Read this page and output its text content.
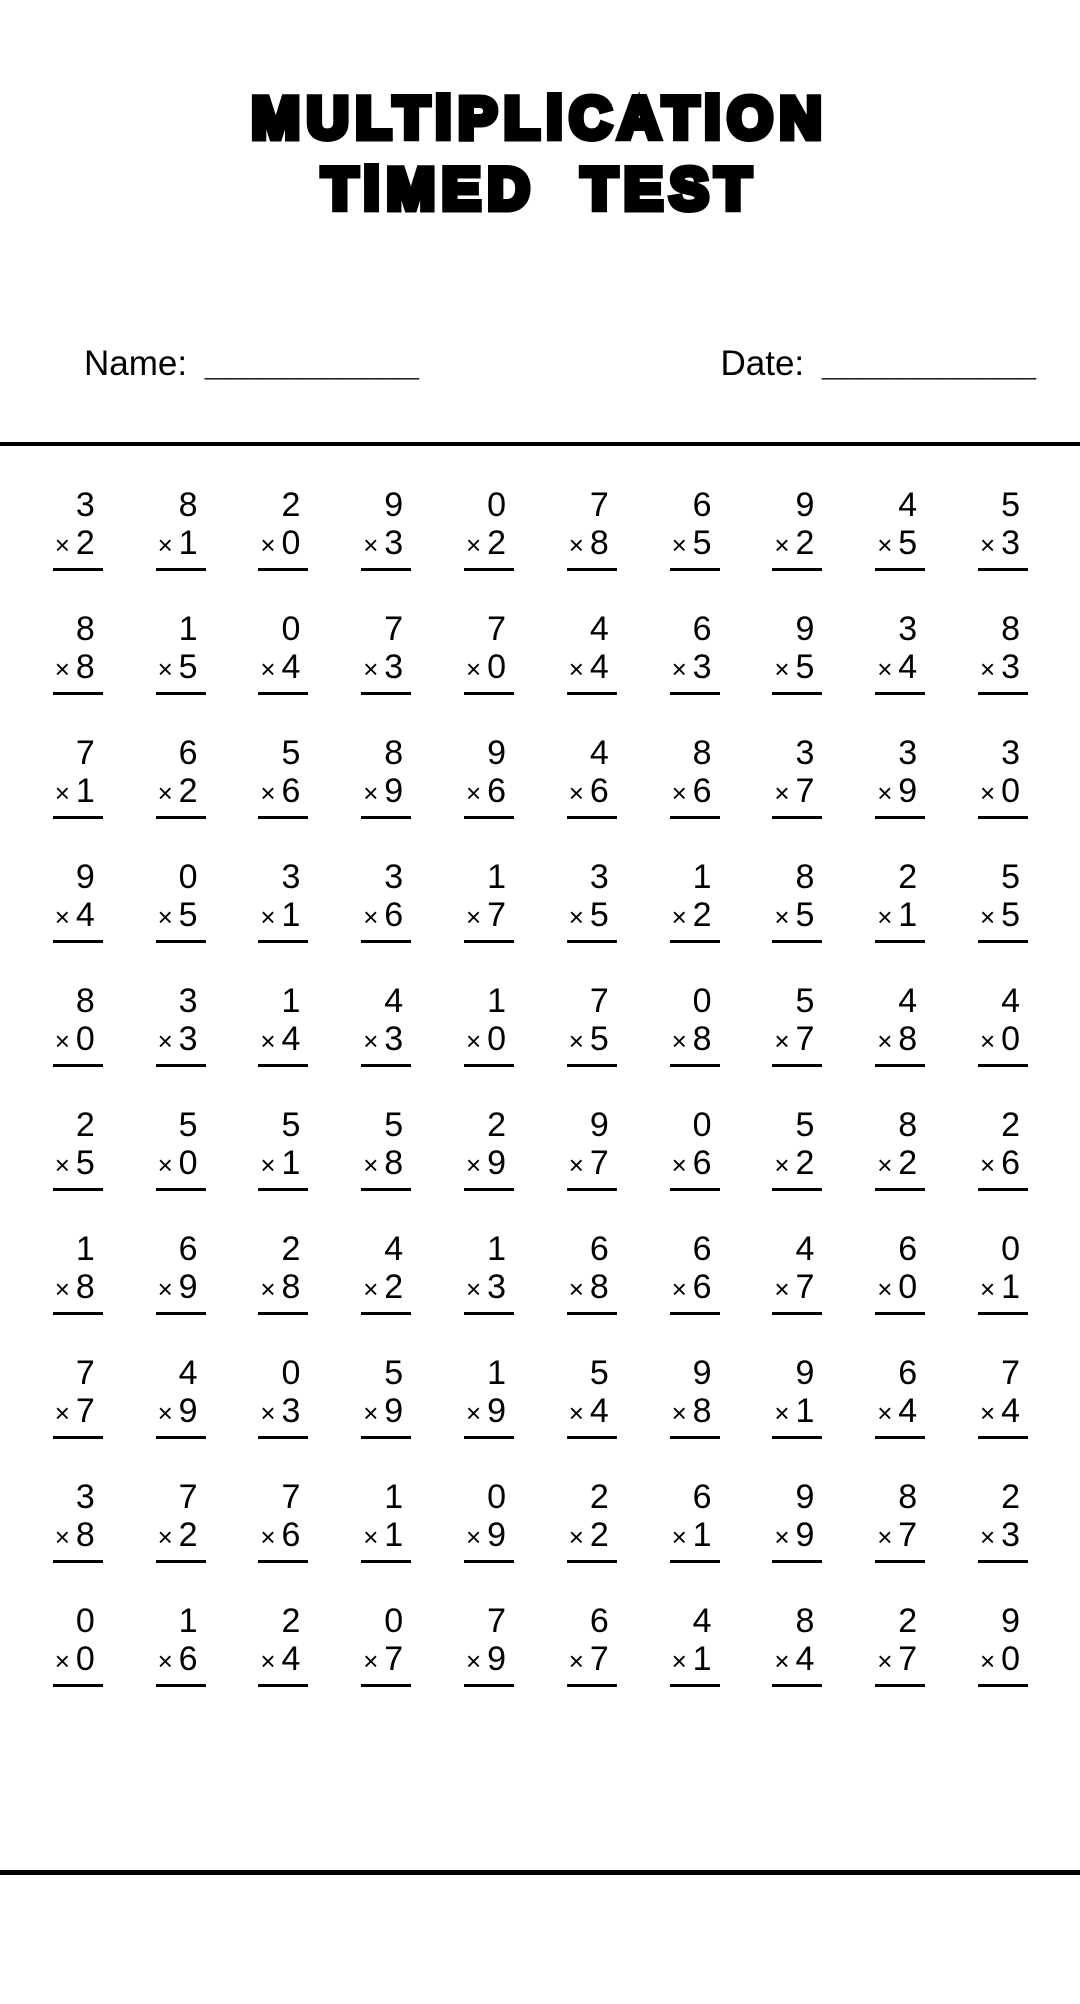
MULTiPLiCATiON
TiMED TEST
Name: ___________	Date: ___________
3
× 2
8
× 1
2
× 0
9
× 3
0
× 2
7
× 8
6
× 5
9
× 2
4
× 5
5
× 3
8
× 8
1
× 5
0
× 4
7
× 3
7
× 0
4
× 4
6
× 3
9
× 5
3
× 4
8
× 3
7
× 1
6
× 2
5
× 6
8
× 9
9
× 6
4
× 6
8
× 6
3
× 7
3
× 9
3
× 0
9
× 4
0
× 5
3
× 1
3
× 6
1
× 7
3
× 5
1
× 2
8
× 5
2
× 1
5
× 5
8
× 0
3
× 3
1
× 4
4
× 3
1
× 0
7
× 5
0
× 8
5
× 7
4
× 8
4
× 0
2
× 5
5
× 0
5
× 1
5
× 8
2
× 9
9
× 7
0
× 6
5
× 2
8
× 2
2
× 6
1
× 8
6
× 9
2
× 8
4
× 2
1
× 3
6
× 8
6
× 6
4
× 7
6
× 0
0
× 1
7
× 7
4
× 9
0
× 3
5
× 9
1
× 9
5
× 4
9
× 8
9
× 1
6
× 4
7
× 4
3
× 8
7
× 2
7
× 6
1
× 1
0
× 9
2
× 2
6
× 1
9
× 9
8
× 7
2
× 3
0
× 0
1
× 6
2
× 4
0
× 7
7
× 9
6
× 7
4
× 1
8
× 4
2
× 7
9
× 0
